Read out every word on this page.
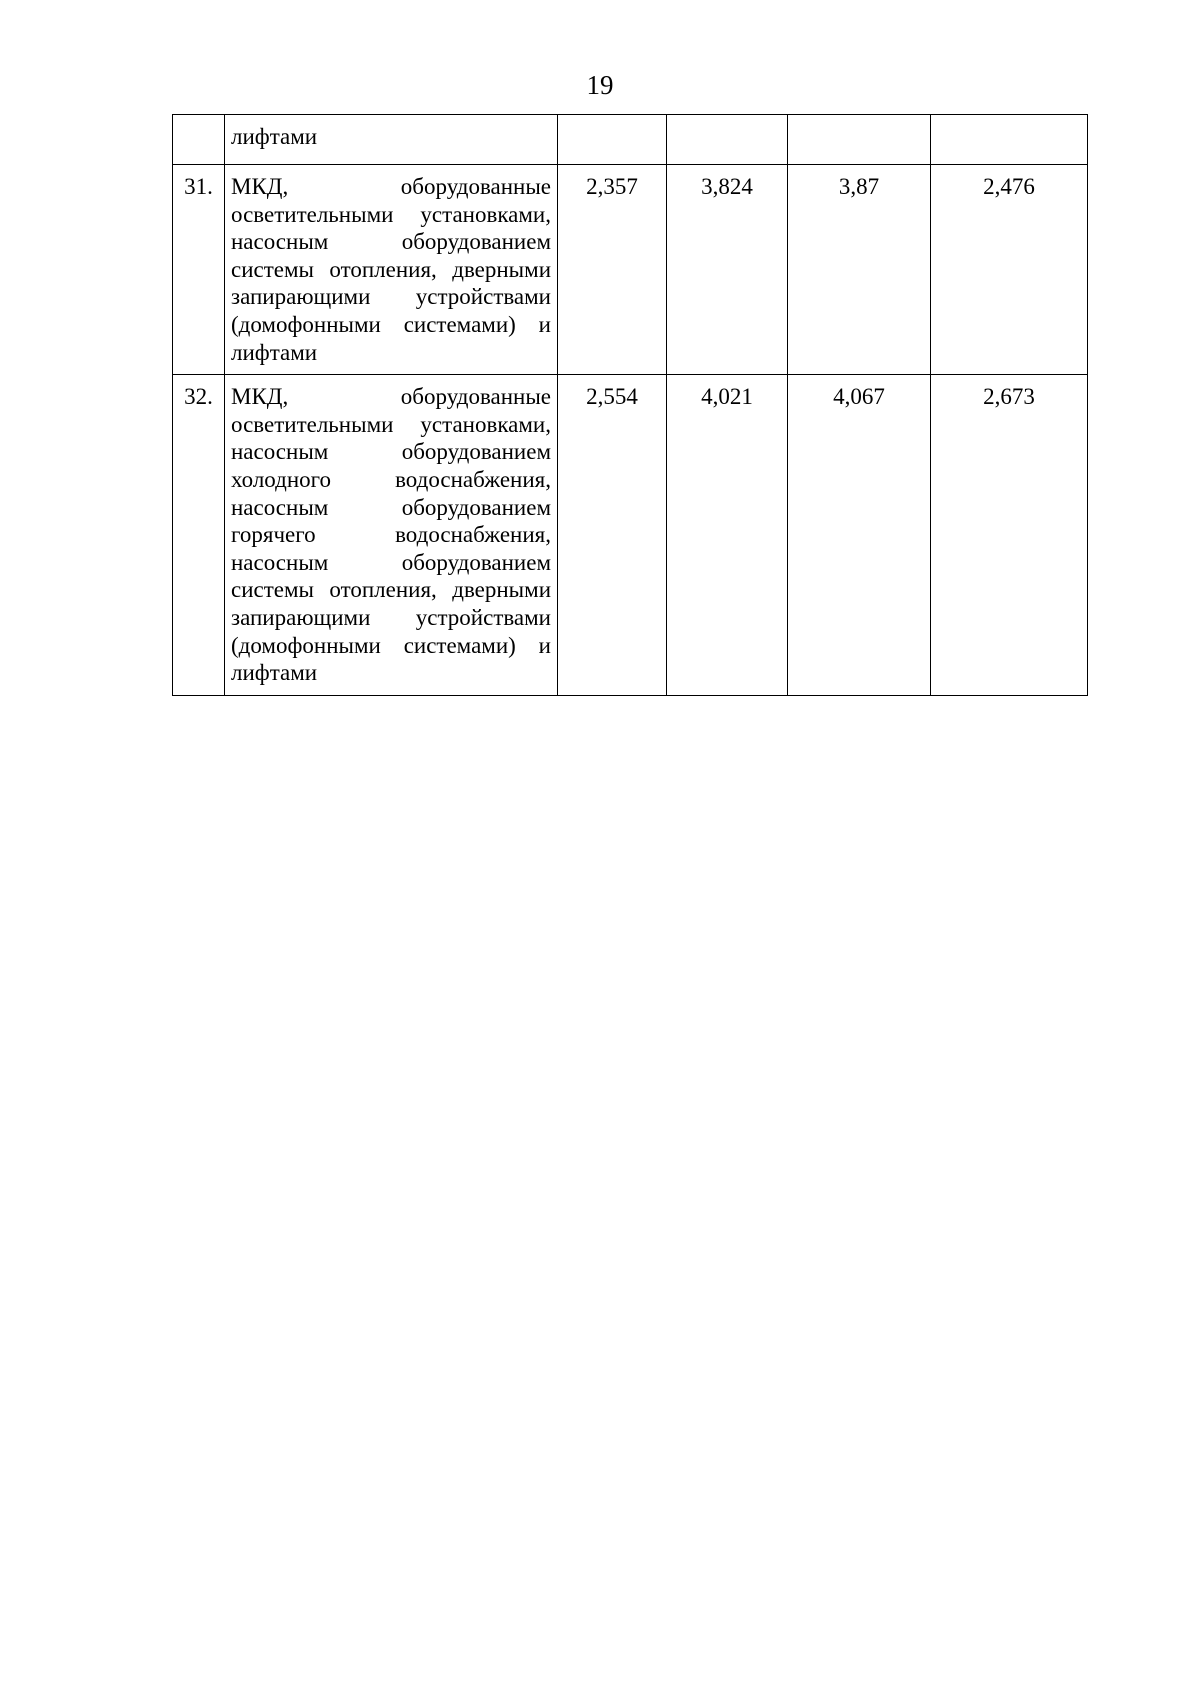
19
	лифтами				
31.	МКД, оборудованные осветительными установками, насосным оборудованием системы отопления, дверными запирающими устройствами (домофонными системами) и лифтами	2,357	3,824	3,87	2,476
32.	МКД, оборудованные осветительными установками, насосным оборудованием холодного водоснабжения, насосным оборудованием горячего водоснабжения, насосным оборудованием системы отопления, дверными запирающими устройствами (домофонными системами) и лифтами	2,554	4,021	4,067	2,673
